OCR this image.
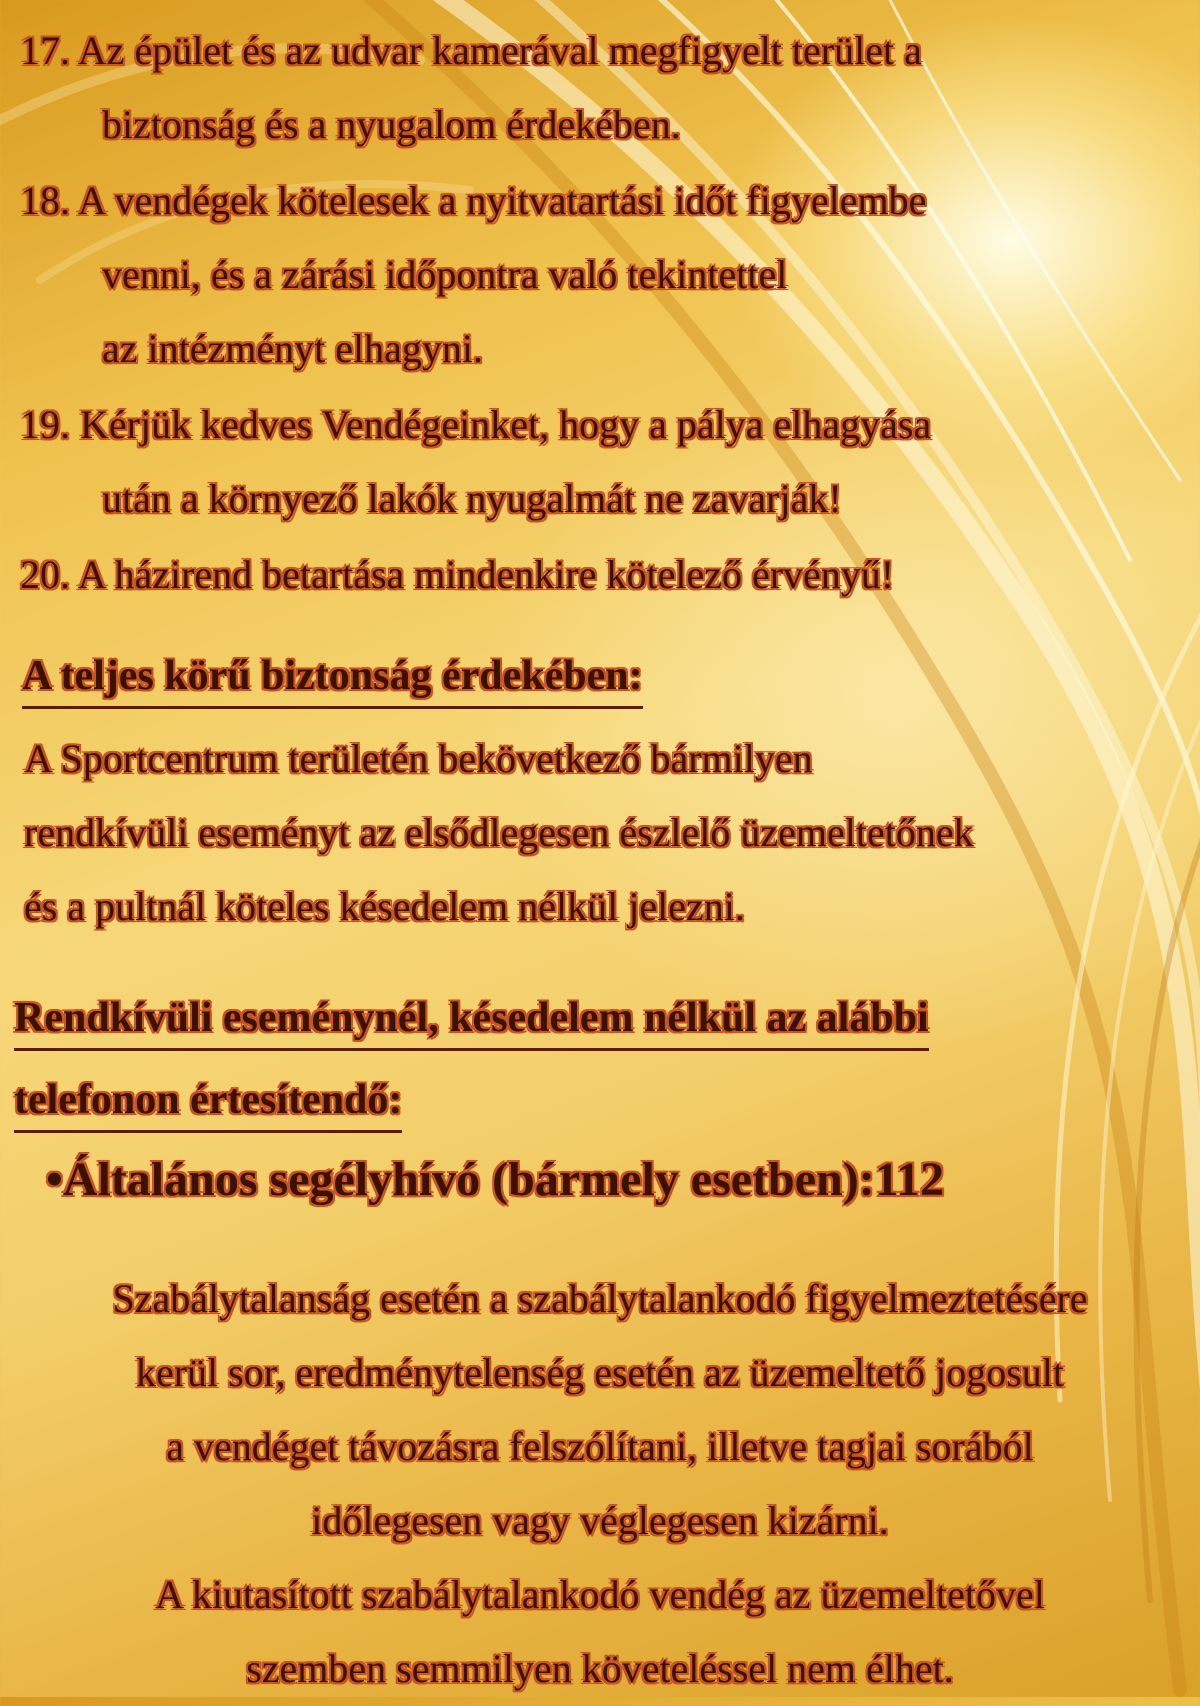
17. Az épület és az udvar kamerával megfigyelt terület a
biztonság és a nyugalom érdekében.
18. A vendégek kötelesek a nyitvatartási időt figyelembe
venni, és a zárási időpontra való tekintettel
az intézményt elhagyni.
19. Kérjük kedves Vendégeinket, hogy a pálya elhagyása
után a környező lakók nyugalmát ne zavarják!
20. A házirend betartása mindenkire kötelező érvényű!
A teljes körű biztonság érdekében:
A Sportcentrum területén bekövetkező bármilyen
rendkívüli eseményt az elsődlegesen észlelő üzemeltetőnek
és a pultnál köteles késedelem nélkül jelezni.
Rendkívüli eseménynél, késedelem nélkül az alábbi
telefonon értesítendő:
•Általános segélyhívó (bármely esetben):112
Szabálytalanság esetén a szabálytalankodó figyelmeztetésére
kerül sor, eredménytelenség esetén az üzemeltető jogosult
a vendéget távozásra felszólítani, illetve tagjai sorából
időlegesen vagy véglegesen kizárni.
A kiutasított szabálytalankodó vendég az üzemeltetővel
szemben semmilyen követeléssel nem élhet.
